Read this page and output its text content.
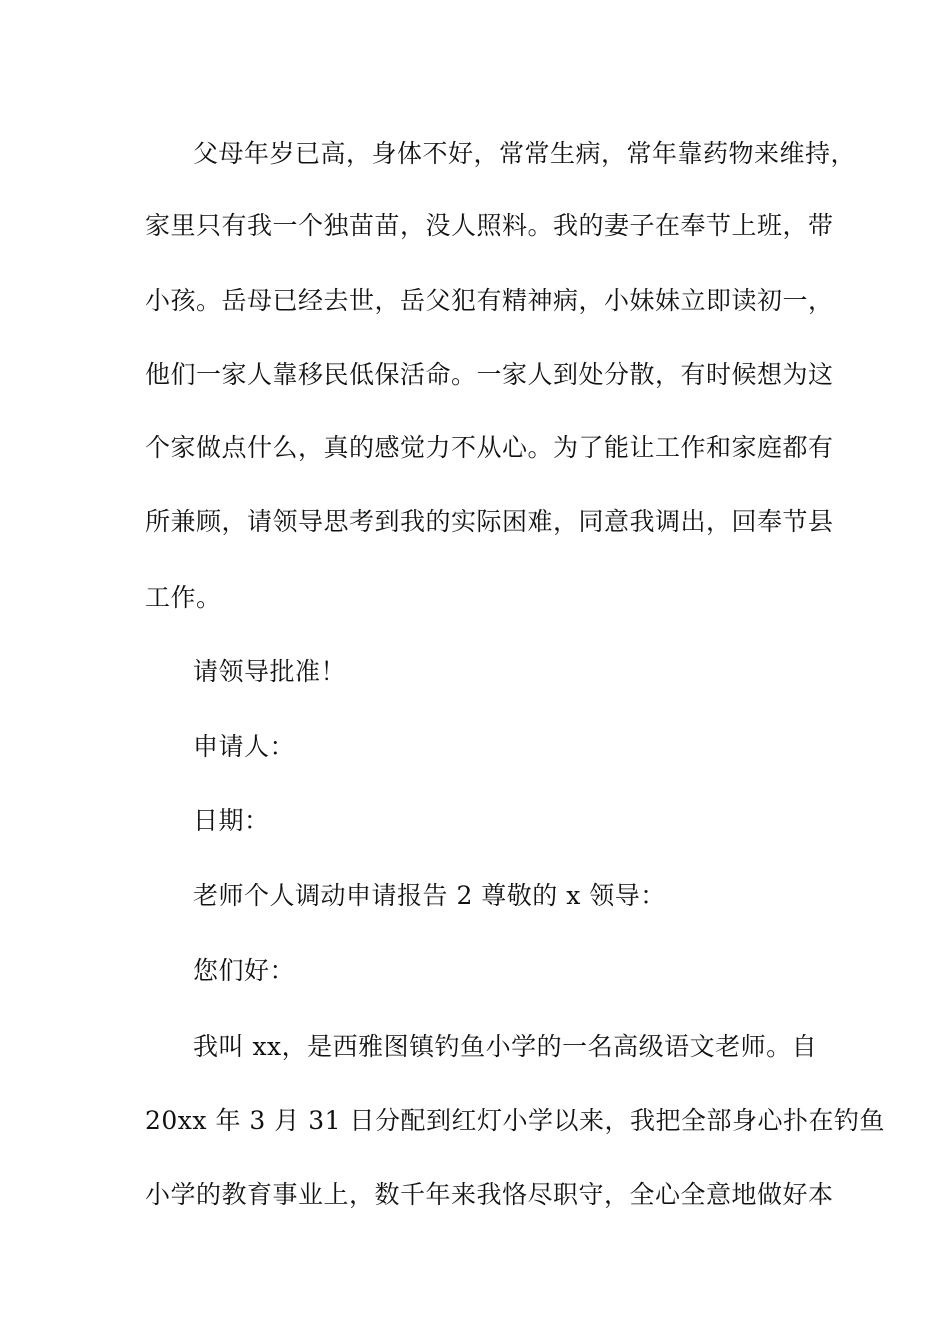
父母年岁已高，身体不好，常常生病，常年靠药物来维持，
家里只有我一个独苗苗，没人照料。我的妻子在奉节上班，带
小孩。岳母已经去世，岳父犯有精神病，小妹妹立即读初一，
他们一家人靠移民低保活命。一家人到处分散，有时候想为这
个家做点什么，真的感觉力不从心。为了能让工作和家庭都有
所兼顾，请领导思考到我的实际困难，同意我调出，回奉节县
工作。
请领导批准！
申请人：
日期：
老师个人调动申请报告 2 尊敬的 x 领导：
您们好：
我叫 xx，是西雅图镇钓鱼小学的一名高级语文老师。自
20xx 年 3 月 31 日分配到红灯小学以来，我把全部身心扑在钓鱼
小学的教育事业上，数千年来我恪尽职守，全心全意地做好本
